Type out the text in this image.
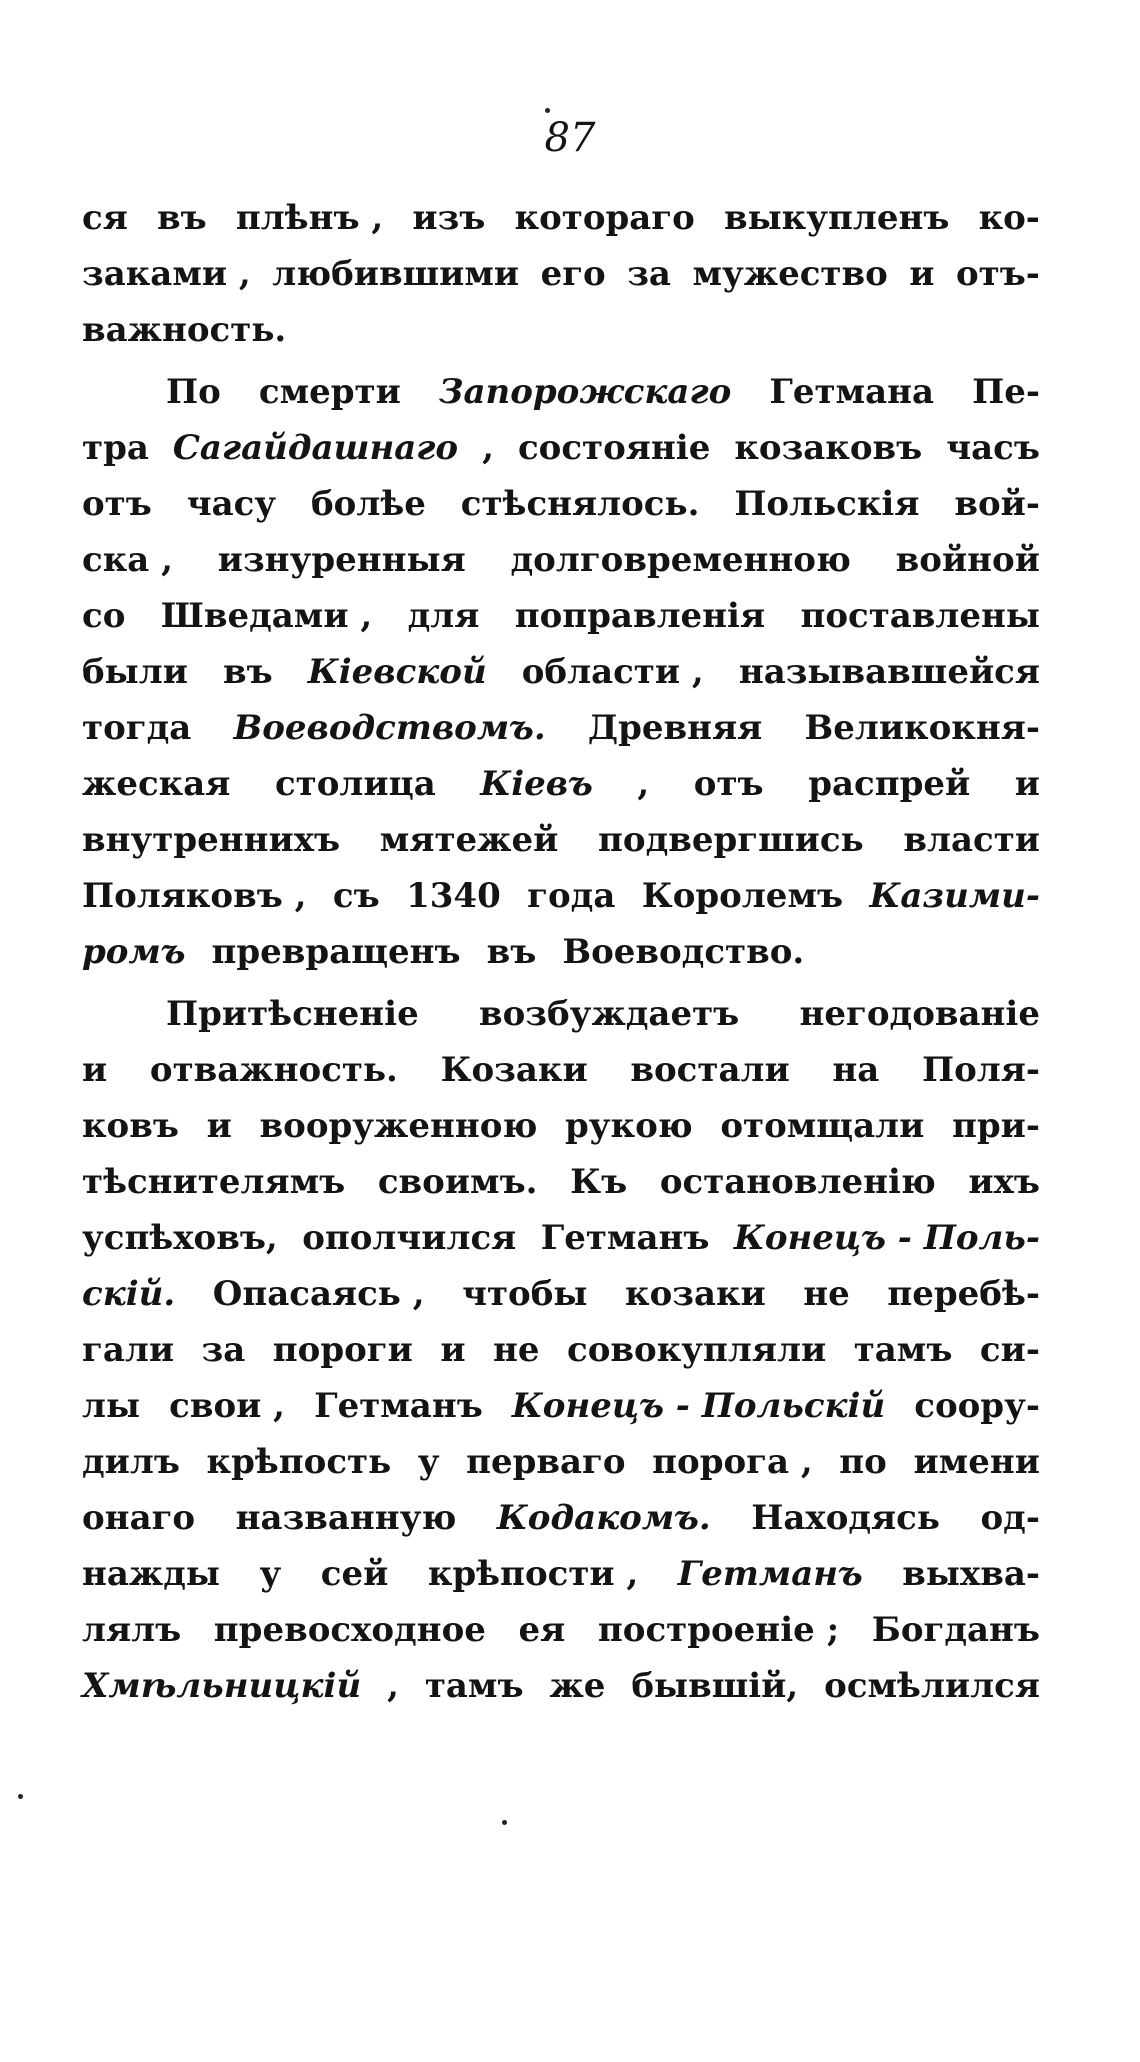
87
ся въ плѣнъ , изъ котораго выкупленъ ко-
заками , любившими его за мужество и отъ-
важность.
По смерти Запорожскаго Гетмана Пе-
тра Сагайдашнаго , состояніе козаковъ часъ
отъ часу болѣе стѣснялось. Польскія вой-
ска , изнуренныя долговременною войной
со Шведами , для поправленія поставлены
были въ Кіевской области , называвшейся
тогда Воеводствомъ. Древняя Великокня-
жеская столица Кіевъ , отъ распрей и
внутреннихъ мятежей подвергшись власти
Поляковъ , съ 1340 года Королемъ Казими-
ромъ превращенъ въ Воеводство.
Притѣсненіе возбуждаетъ негодованіе
и отважность. Козаки востали на Поля-
ковъ и вооруженною рукою отомщали при-
тѣснителямъ своимъ. Къ остановленію ихъ
успѣховъ, ополчился Гетманъ Конецъ - Поль-
скій. Опасаясь , чтобы козаки не перебѣ-
гали за пороги и не совокупляли тамъ си-
лы свои , Гетманъ Конецъ - Польскій соору-
дилъ крѣпость у перваго порога , по имени
онаго названную Кодакомъ. Находясь од-
нажды у сей крѣпости , Гетманъ выхва-
лялъ превосходное ея построеніе ; Богданъ
Хмѣльницкій , тамъ же бывшій, осмѣлился
